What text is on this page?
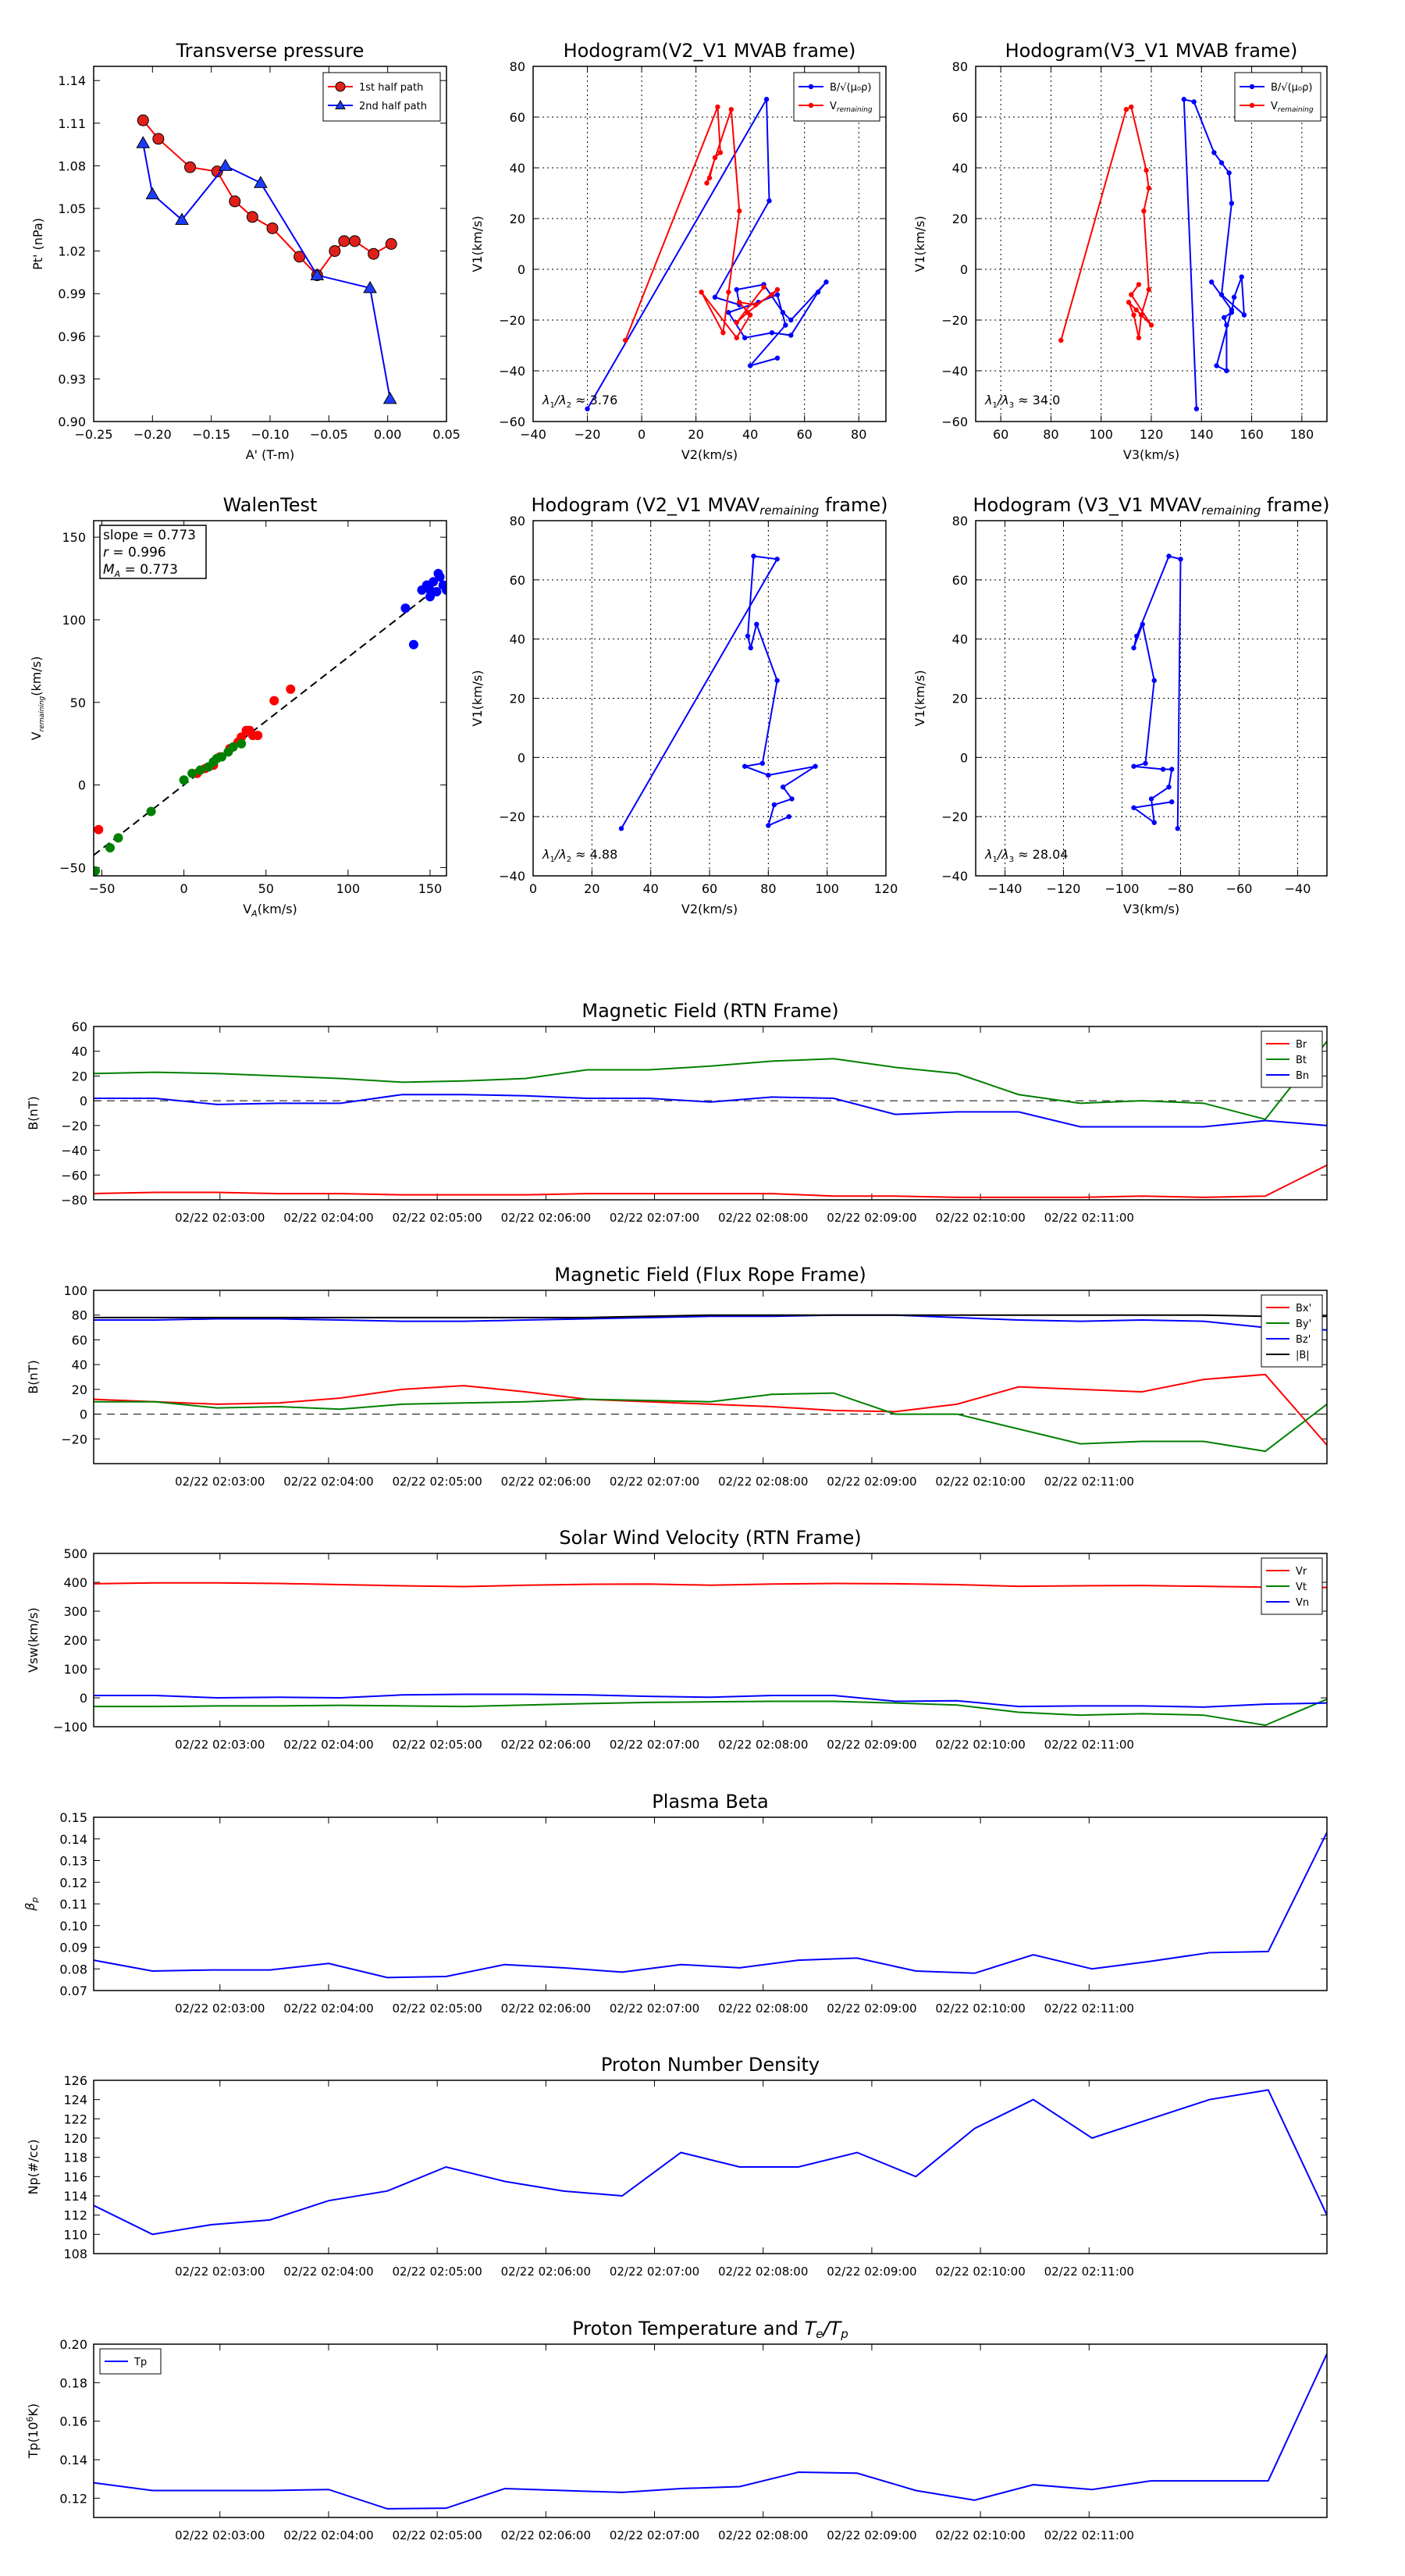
−0.25 −0.20 −0.15 −0.10 −0.05 0.00 0.05
0.90
0.93
0.96
0.99
1.02
1.05
1.08
1.11
1.14
Transverse pressure
A' (T-m)
Pt' (nPa)
1st half path
2nd half path
−40 −20	0	20	40	60	80
−60
−40
−20
0
20
40
60
80
Hodogram(V2_V1 MVAB frame)
V2(km/s)
V1(km/s)
$\lambda_1/\lambda_2 \approx 3.76$
B/√(μ₀ρ)
$V_{remaining}$
60	80 100 120 140 160 180
−60
−40
−20
0
20
40
60
80
Hodogram(V3_V1 MVAB frame)
V3(km/s)
V1(km/s)
$\lambda_1/\lambda_3 \approx 34.0$
B/√(μ₀ρ)
$V_{remaining}$
−50	0	50	100	150
−50
0
50
100
150
WalenTest
$V_A(km/s)$
$V_{remaining}(km/s)$
slope = 0.773
r = 0.996
$M_A = 0.773$
0	20	40	60	80	100	120
−40
−20
0
20
40
60
80
Hodogram (V2_V1 MVAVremaining frame)
V2(km/s)
V1(km/s)
$\lambda_1/\lambda_2 \approx 4.88$
−140 −120 −100 −80	−60	−40
−40
−20
0
20
40
60
80
Hodogram (V3_V1 MVAVremaining frame)
V3(km/s)
V1(km/s)
$\lambda_1/\lambda_3 \approx 28.04$
−80
−60
−40
−20
0
20
40
60
02/22 02:03:00 02/22 02:04:00 02/22 02:05:00 02/22 02:06:00 02/22 02:07:00 02/22 02:08:00 02/22 02:09:00 02/22 02:10:00 02/22 02:11:00
Magnetic Field (RTN Frame)
B(nT)
Br
Bt
Bn
−20
0
20
40
60
80
100
02/22 02:03:00 02/22 02:04:00 02/22 02:05:00 02/22 02:06:00 02/22 02:07:00 02/22 02:08:00 02/22 02:09:00 02/22 02:10:00 02/22 02:11:00
Magnetic Field (Flux Rope Frame)
B(nT)
Bx'
By'
Bz'
|B|
−100
0
100
200
300
400
500
02/22 02:03:00 02/22 02:04:00 02/22 02:05:00 02/22 02:06:00 02/22 02:07:00 02/22 02:08:00 02/22 02:09:00 02/22 02:10:00 02/22 02:11:00
Solar Wind Velocity (RTN Frame)
Vsw(km/s)
Vr
Vt
Vn
0.07
0.08
0.09
0.10
0.11
0.12
0.13
0.14
0.15
02/22 02:03:00 02/22 02:04:00 02/22 02:05:00 02/22 02:06:00 02/22 02:07:00 02/22 02:08:00 02/22 02:09:00 02/22 02:10:00 02/22 02:11:00
Plasma Beta
$\beta_p$
108
110
112
114
116
118
120
122
124
126
02/22 02:03:00 02/22 02:04:00 02/22 02:05:00 02/22 02:06:00 02/22 02:07:00 02/22 02:08:00 02/22 02:09:00 02/22 02:10:00 02/22 02:11:00
Proton Number Density
Np(#/cc)
0.12
0.14
0.16
0.18
0.20
02/22 02:03:00 02/22 02:04:00 02/22 02:05:00 02/22 02:06:00 02/22 02:07:00 02/22 02:08:00 02/22 02:09:00 02/22 02:10:00 02/22 02:11:00
Proton Temperature and Te/Tp
$Tp(10^6K)$
Tp
